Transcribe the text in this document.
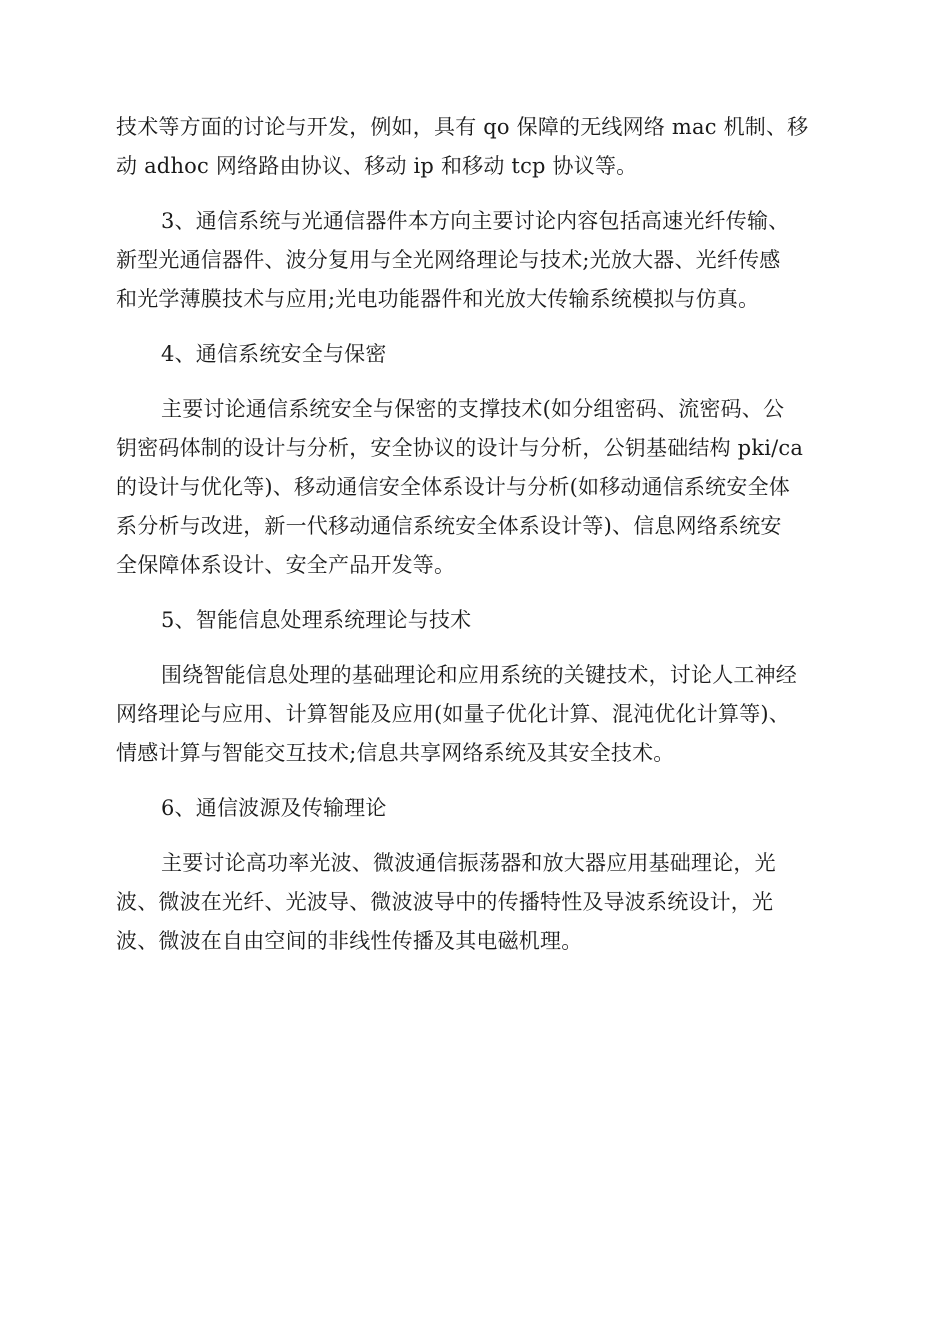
技术等方面的讨论与开发，例如，具有 qo 保障的无线网络 mac 机制、移
动 adhoc 网络路由协议、移动 ip 和移动 tcp 协议等。
3、通信系统与光通信器件本方向主要讨论内容包括高速光纤传输、
新型光通信器件、波分复用与全光网络理论与技术;光放大器、光纤传感
和光学薄膜技术与应用;光电功能器件和光放大传输系统模拟与仿真。
4、通信系统安全与保密
主要讨论通信系统安全与保密的支撑技术(如分组密码、流密码、公
钥密码体制的设计与分析，安全协议的设计与分析，公钥基础结构 pki/ca
的设计与优化等)、移动通信安全体系设计与分析(如移动通信系统安全体
系分析与改进，新一代移动通信系统安全体系设计等)、信息网络系统安
全保障体系设计、安全产品开发等。
5、智能信息处理系统理论与技术
围绕智能信息处理的基础理论和应用系统的关键技术，讨论人工神经
网络理论与应用、计算智能及应用(如量子优化计算、混沌优化计算等)、
情感计算与智能交互技术;信息共享网络系统及其安全技术。
6、通信波源及传输理论
主要讨论高功率光波、微波通信振荡器和放大器应用基础理论，光
波、微波在光纤、光波导、微波波导中的传播特性及导波系统设计，光
波、微波在自由空间的非线性传播及其电磁机理。
